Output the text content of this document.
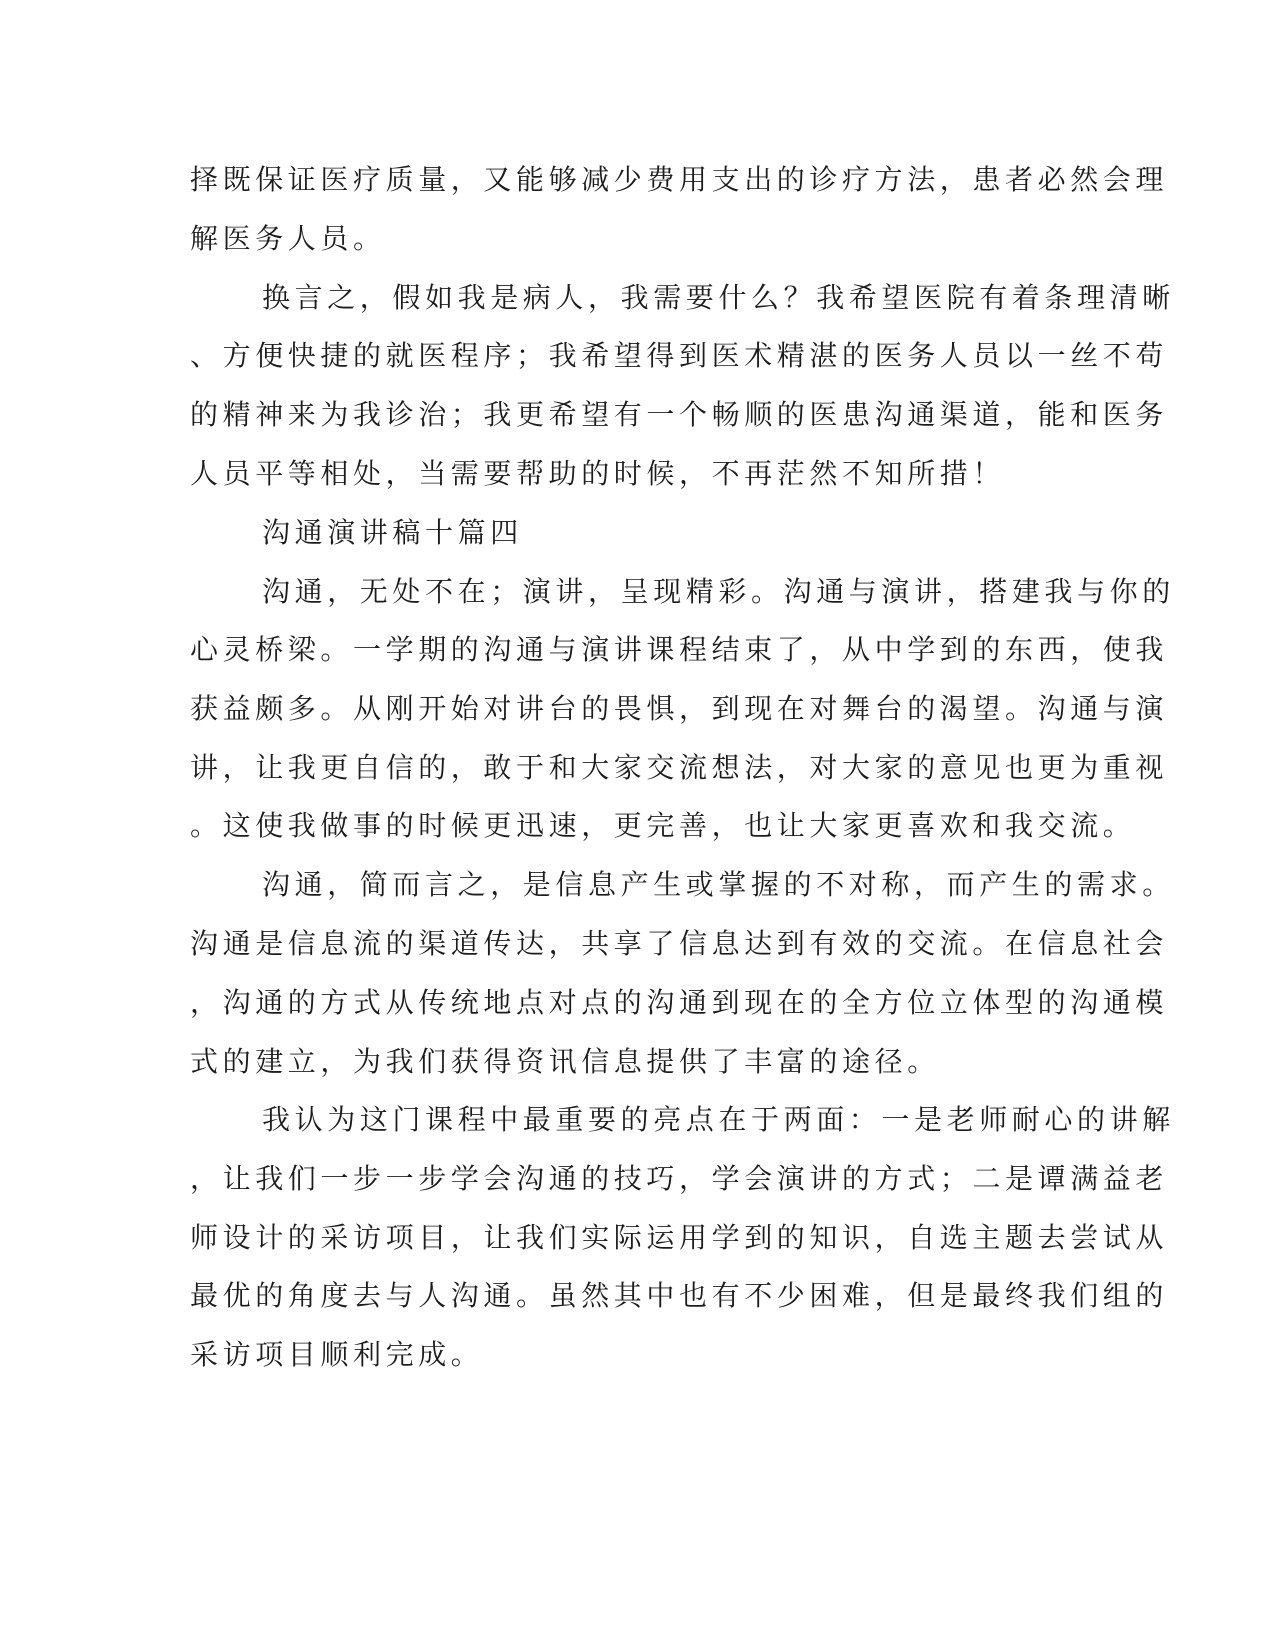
择既保证医疗质量，又能够减少费用支出的诊疗方法，患者必然会理
解医务人员。
换言之，假如我是病人，我需要什么？我希望医院有着条理清晰
、方便快捷的就医程序；我希望得到医术精湛的医务人员以一丝不苟
的精神来为我诊治；我更希望有一个畅顺的医患沟通渠道，能和医务
人员平等相处，当需要帮助的时候，不再茫然不知所措！
沟通演讲稿十篇四
沟通，无处不在；演讲，呈现精彩。沟通与演讲，搭建我与你的
心灵桥梁。一学期的沟通与演讲课程结束了，从中学到的东西，使我
获益颇多。从刚开始对讲台的畏惧，到现在对舞台的渴望。沟通与演
讲，让我更自信的，敢于和大家交流想法，对大家的意见也更为重视
。这使我做事的时候更迅速，更完善，也让大家更喜欢和我交流。
沟通，简而言之，是信息产生或掌握的不对称，而产生的需求。
沟通是信息流的渠道传达，共享了信息达到有效的交流。在信息社会
，沟通的方式从传统地点对点的沟通到现在的全方位立体型的沟通模
式的建立，为我们获得资讯信息提供了丰富的途径。
我认为这门课程中最重要的亮点在于两面：一是老师耐心的讲解
，让我们一步一步学会沟通的技巧，学会演讲的方式；二是谭满益老
师设计的采访项目，让我们实际运用学到的知识，自选主题去尝试从
最优的角度去与人沟通。虽然其中也有不少困难，但是最终我们组的
采访项目顺利完成。
